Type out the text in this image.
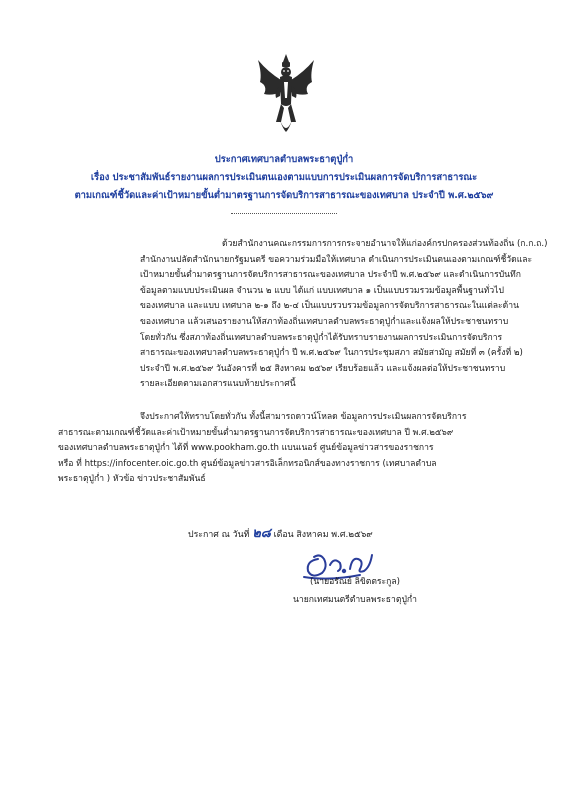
ประกาศเทศบาลตำบลพระธาตุปู่ก่ำ
เรื่อง ประชาสัมพันธ์รายงานผลการประเมินตนเองตามแบบการประเมินผลการจัดบริการสาธารณะ
ตามเกณฑ์ชี้วัดและค่าเป้าหมายขั้นต่ำมาตรฐานการจัดบริการสาธารณะของเทศบาล ประจำปี พ.ศ.๒๕๖๙
ด้วยสำนักงานคณะกรรมการการกระจายอำนาจให้แก่องค์กรปกครองส่วนท้องถิ่น (ก.ก.ถ.)
สำนักงานปลัดสำนักนายกรัฐมนตรี ขอความร่วมมือให้เทศบาล ดำเนินการประเมินตนเองตามเกณฑ์ชี้วัดและ
เป้าหมายขั้นต่ำมาตรฐานการจัดบริการสาธารณะของเทศบาล ประจำปี พ.ศ.๒๕๖๙ และดำเนินการบันทึก
ข้อมูลตามแบบประเมินผล จำนวน ๒ แบบ ได้แก่ แบบเทศบาล ๑ เป็นแบบรวมรวมข้อมูลพื้นฐานทั่วไป
ของเทศบาล และแบบ เทศบาล ๒-๑ ถึง ๒-๔ เป็นแบบรวบรวมข้อมูลการจัดบริการสาธารณะในแต่ละด้าน
ของเทศบาล แล้วเสนอรายงานให้สภาท้องถิ่นเทศบาลตำบลพระธาตุปู่ก่ำและแจ้งผลให้ประชาชนทราบ
โดยทั่วกัน ซึ่งสภาท้องถิ่นเทศบาลตำบลพระธาตุปู่ก่ำได้รับทราบรายงานผลการประเมินการจัดบริการ
สาธารณะของเทศบาลตำบลพระธาตุปู่ก่ำ ปี พ.ศ.๒๕๖๙ ในการประชุมสภา สมัยสามัญ สมัยที่ ๓ (ครั้งที่ ๒)
ประจำปี พ.ศ.๒๕๖๙ วันอังคารที่ ๒๕ สิงหาคม ๒๕๖๙ เรียบร้อยแล้ว และแจ้งผลต่อให้ประชาชนทราบ
รายละเอียดตามเอกสารแนบท้ายประกาศนี้
จึงประกาศให้ทราบโดยทั่วกัน ทั้งนี้สามารถดาวน์โหลด ข้อมูลการประเมินผลการจัดบริการ
สาธารณะตามเกณฑ์ชี้วัดและค่าเป้าหมายขั้นต่ำมาตรฐานการจัดบริการสาธารณะของเทศบาล ปี พ.ศ.๒๕๖๙
ของเทศบาลตำบลพระธาตุปู่ก่ำ ได้ที่ www.pookham.go.th แบนเนอร์ ศูนย์ข้อมูลข่าวสารของราชการ
หรือ ที่ https://infocenter.oic.go.th ศูนย์ข้อมูลข่าวสารอิเล็กทรอนิกส์ของทางราชการ (เทศบาลตำบล
พระธาตุปู่ก่ำ ) หัวข้อ ข่าวประชาสัมพันธ์
ประกาศ ณ วันที่ ๒๘ เดือน สิงหาคม พ.ศ.๒๕๖๙
(นายอรัณย์ ลิขิตตระกูล)
นายกเทศมนตรีตำบลพระธาตุปู่ก่ำ
